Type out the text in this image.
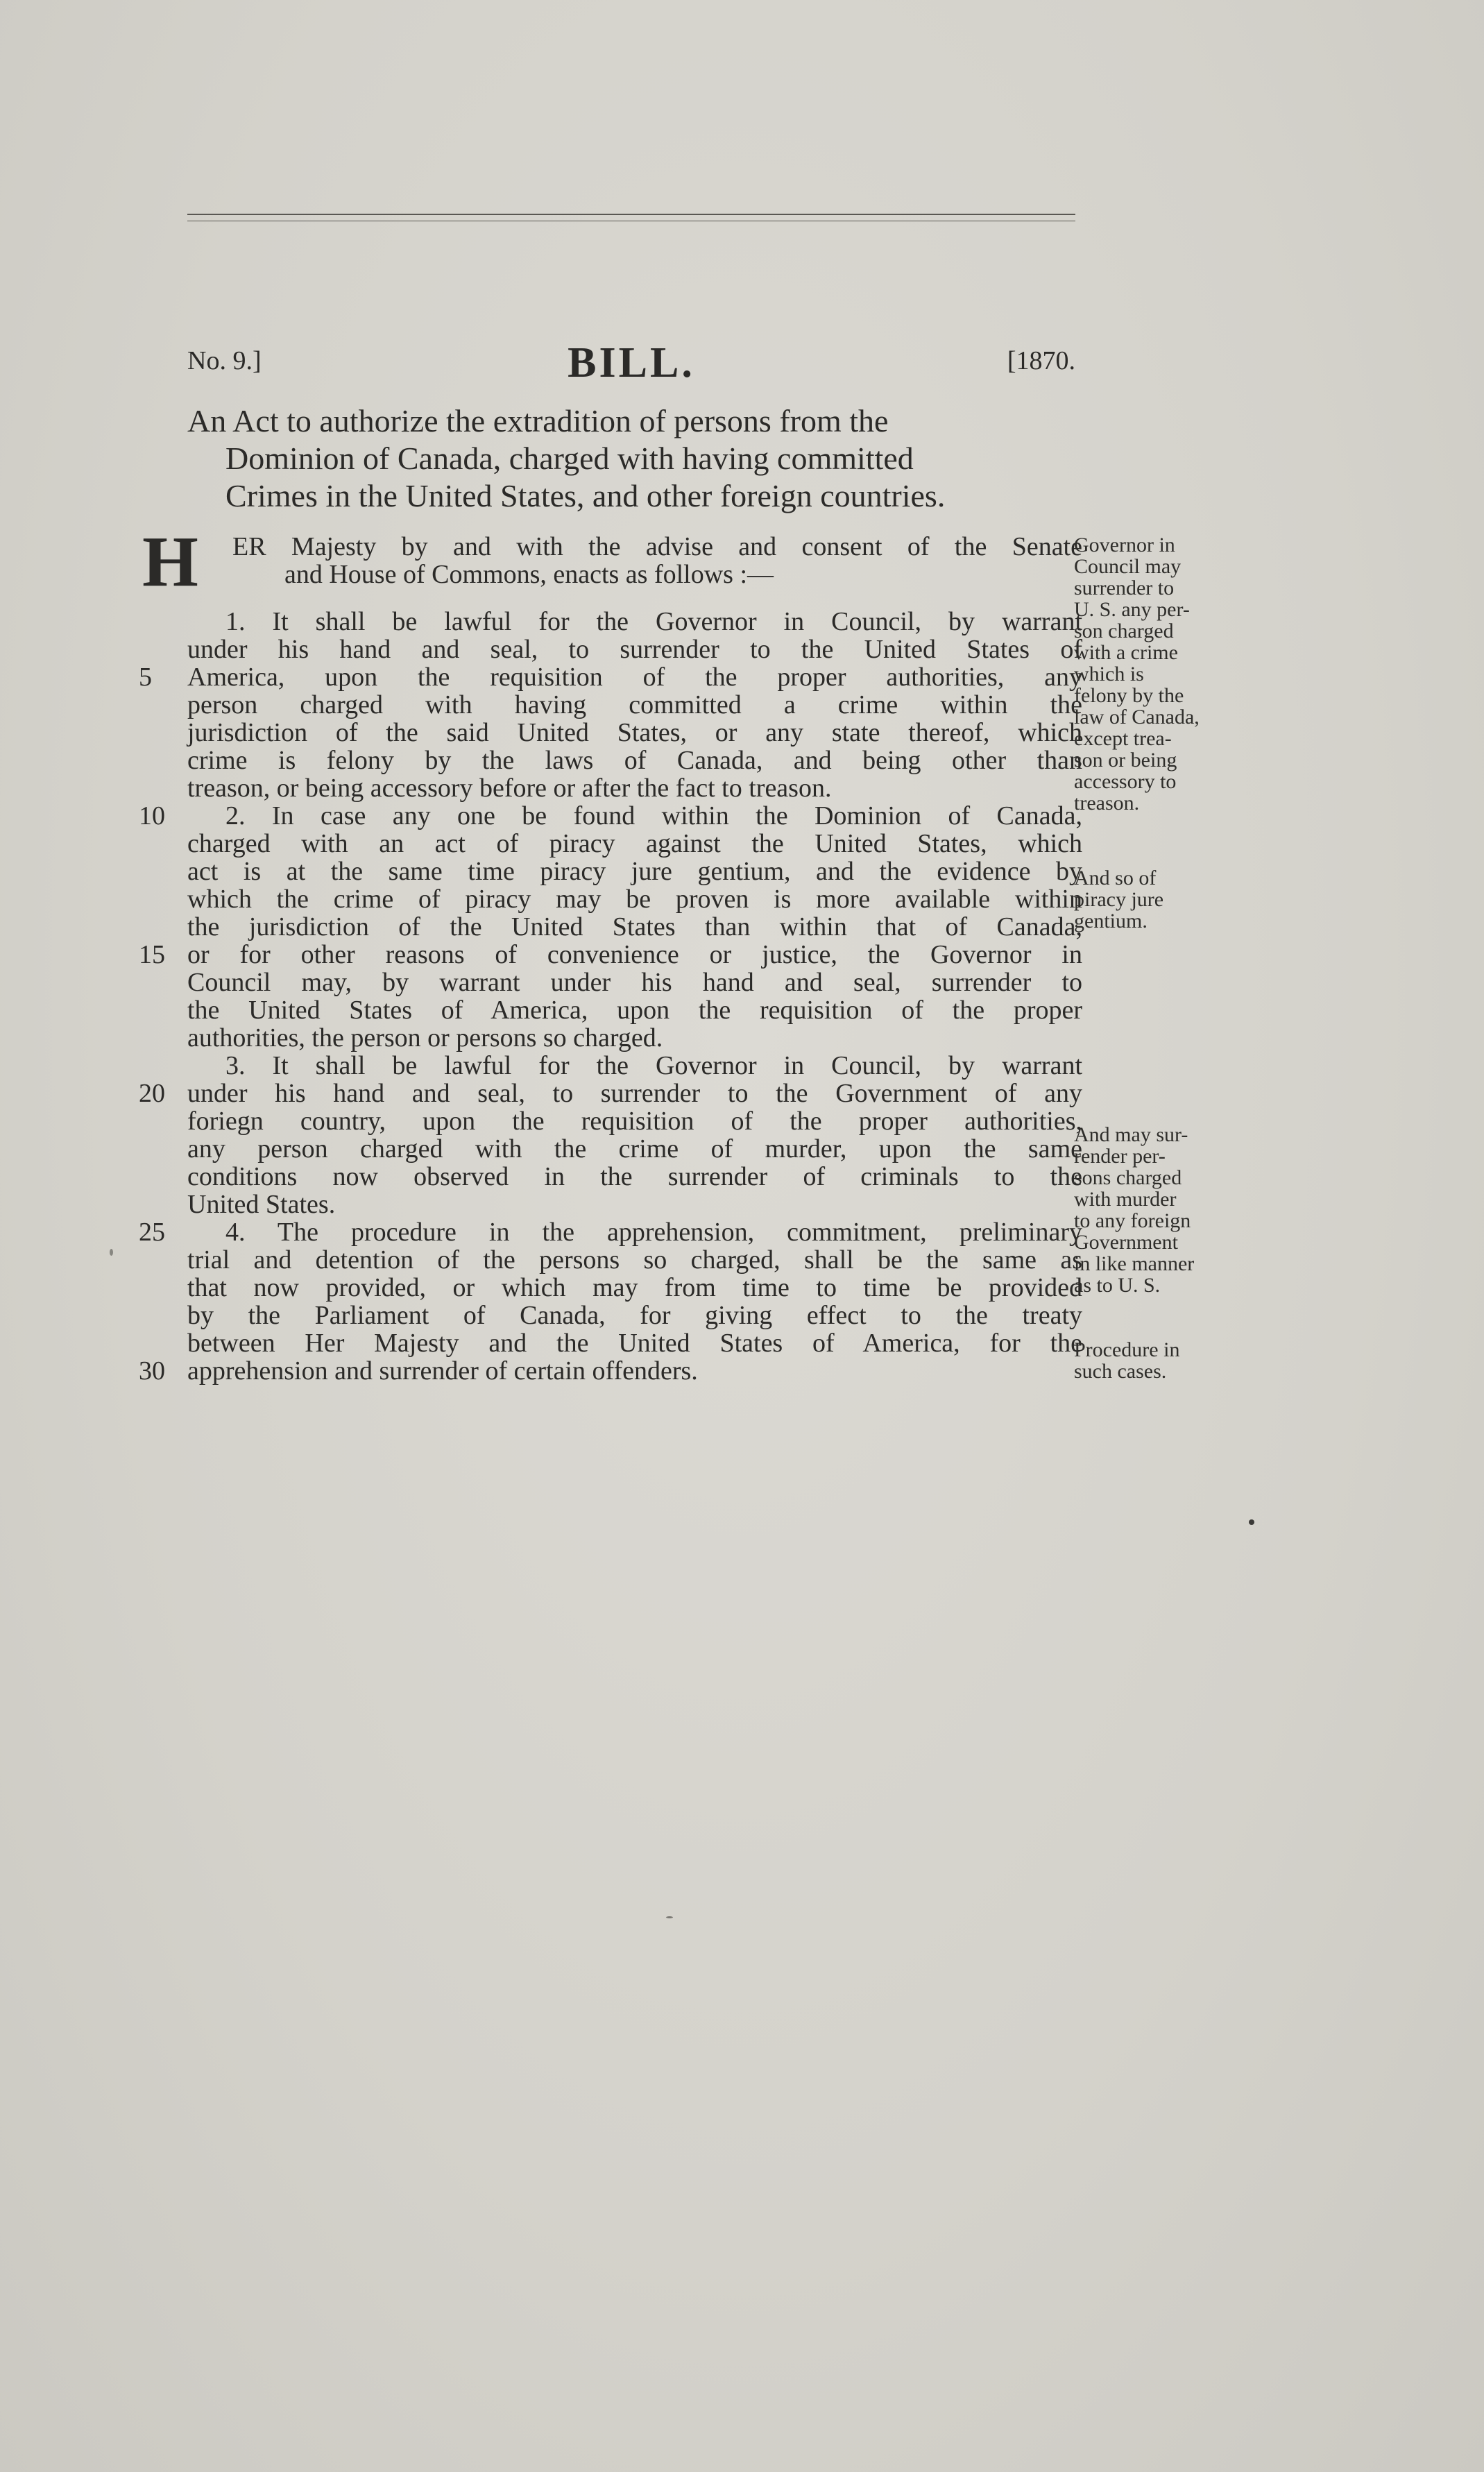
No. 9.]	BILL.	[1870.
An Act to authorize the extradition of persons from the
Dominion of Canada, charged with having committed
Crimes in the United States, and other foreign countries.
H ER Majesty by and with the advise and consent of the Senate
and House of Commons, enacts as follows :—
1. It shall be lawful for the Governor in Council, by warrant
under his hand and seal, to surrender to the United States of
America, upon the requisition of the proper authorities, any
5
person charged with having committed a crime within the
jurisdiction of the said United States, or any state thereof, which
crime is felony by the laws of Canada, and being other than
treason, or being accessory before or after the fact to treason.
2. In case any one be found within the Dominion of Canada,
10
charged with an act of piracy against the United States, which
act is at the same time piracy jure gentium, and the evidence by
which the crime of piracy may be proven is more available within
the jurisdiction of the United States than within that of Canada,
or for other reasons of convenience or justice, the Governor in
15
Council may, by warrant under his hand and seal, surrender to
the United States of America, upon the requisition of the proper
authorities, the person or persons so charged.
3. It shall be lawful for the Governor in Council, by warrant
under his hand and seal, to surrender to the Government of any
20
foriegn country, upon the requisition of the proper authorities,
any person charged with the crime of murder, upon the same
conditions now observed in the surrender of criminals to the
United States.
4. The procedure in the apprehension, commitment, preliminary
25
trial and detention of the persons so charged, shall be the same as
that now provided, or which may from time to time be provided
by the Parliament of Canada, for giving effect to the treaty
between Her Majesty and the United States of America, for the
apprehension and surrender of certain offenders.
30
Governor in
Council may
surrender to
U. S. any per-
son charged
with a crime
which is
felony by the
law of Canada,
except trea-
son or being
accessory to
treason.
And so of
piracy jure
gentium.
And may sur-
render per-
sons charged
with murder
to any foreign
Government
in like manner
as to U. S.
Procedure in
such cases.
